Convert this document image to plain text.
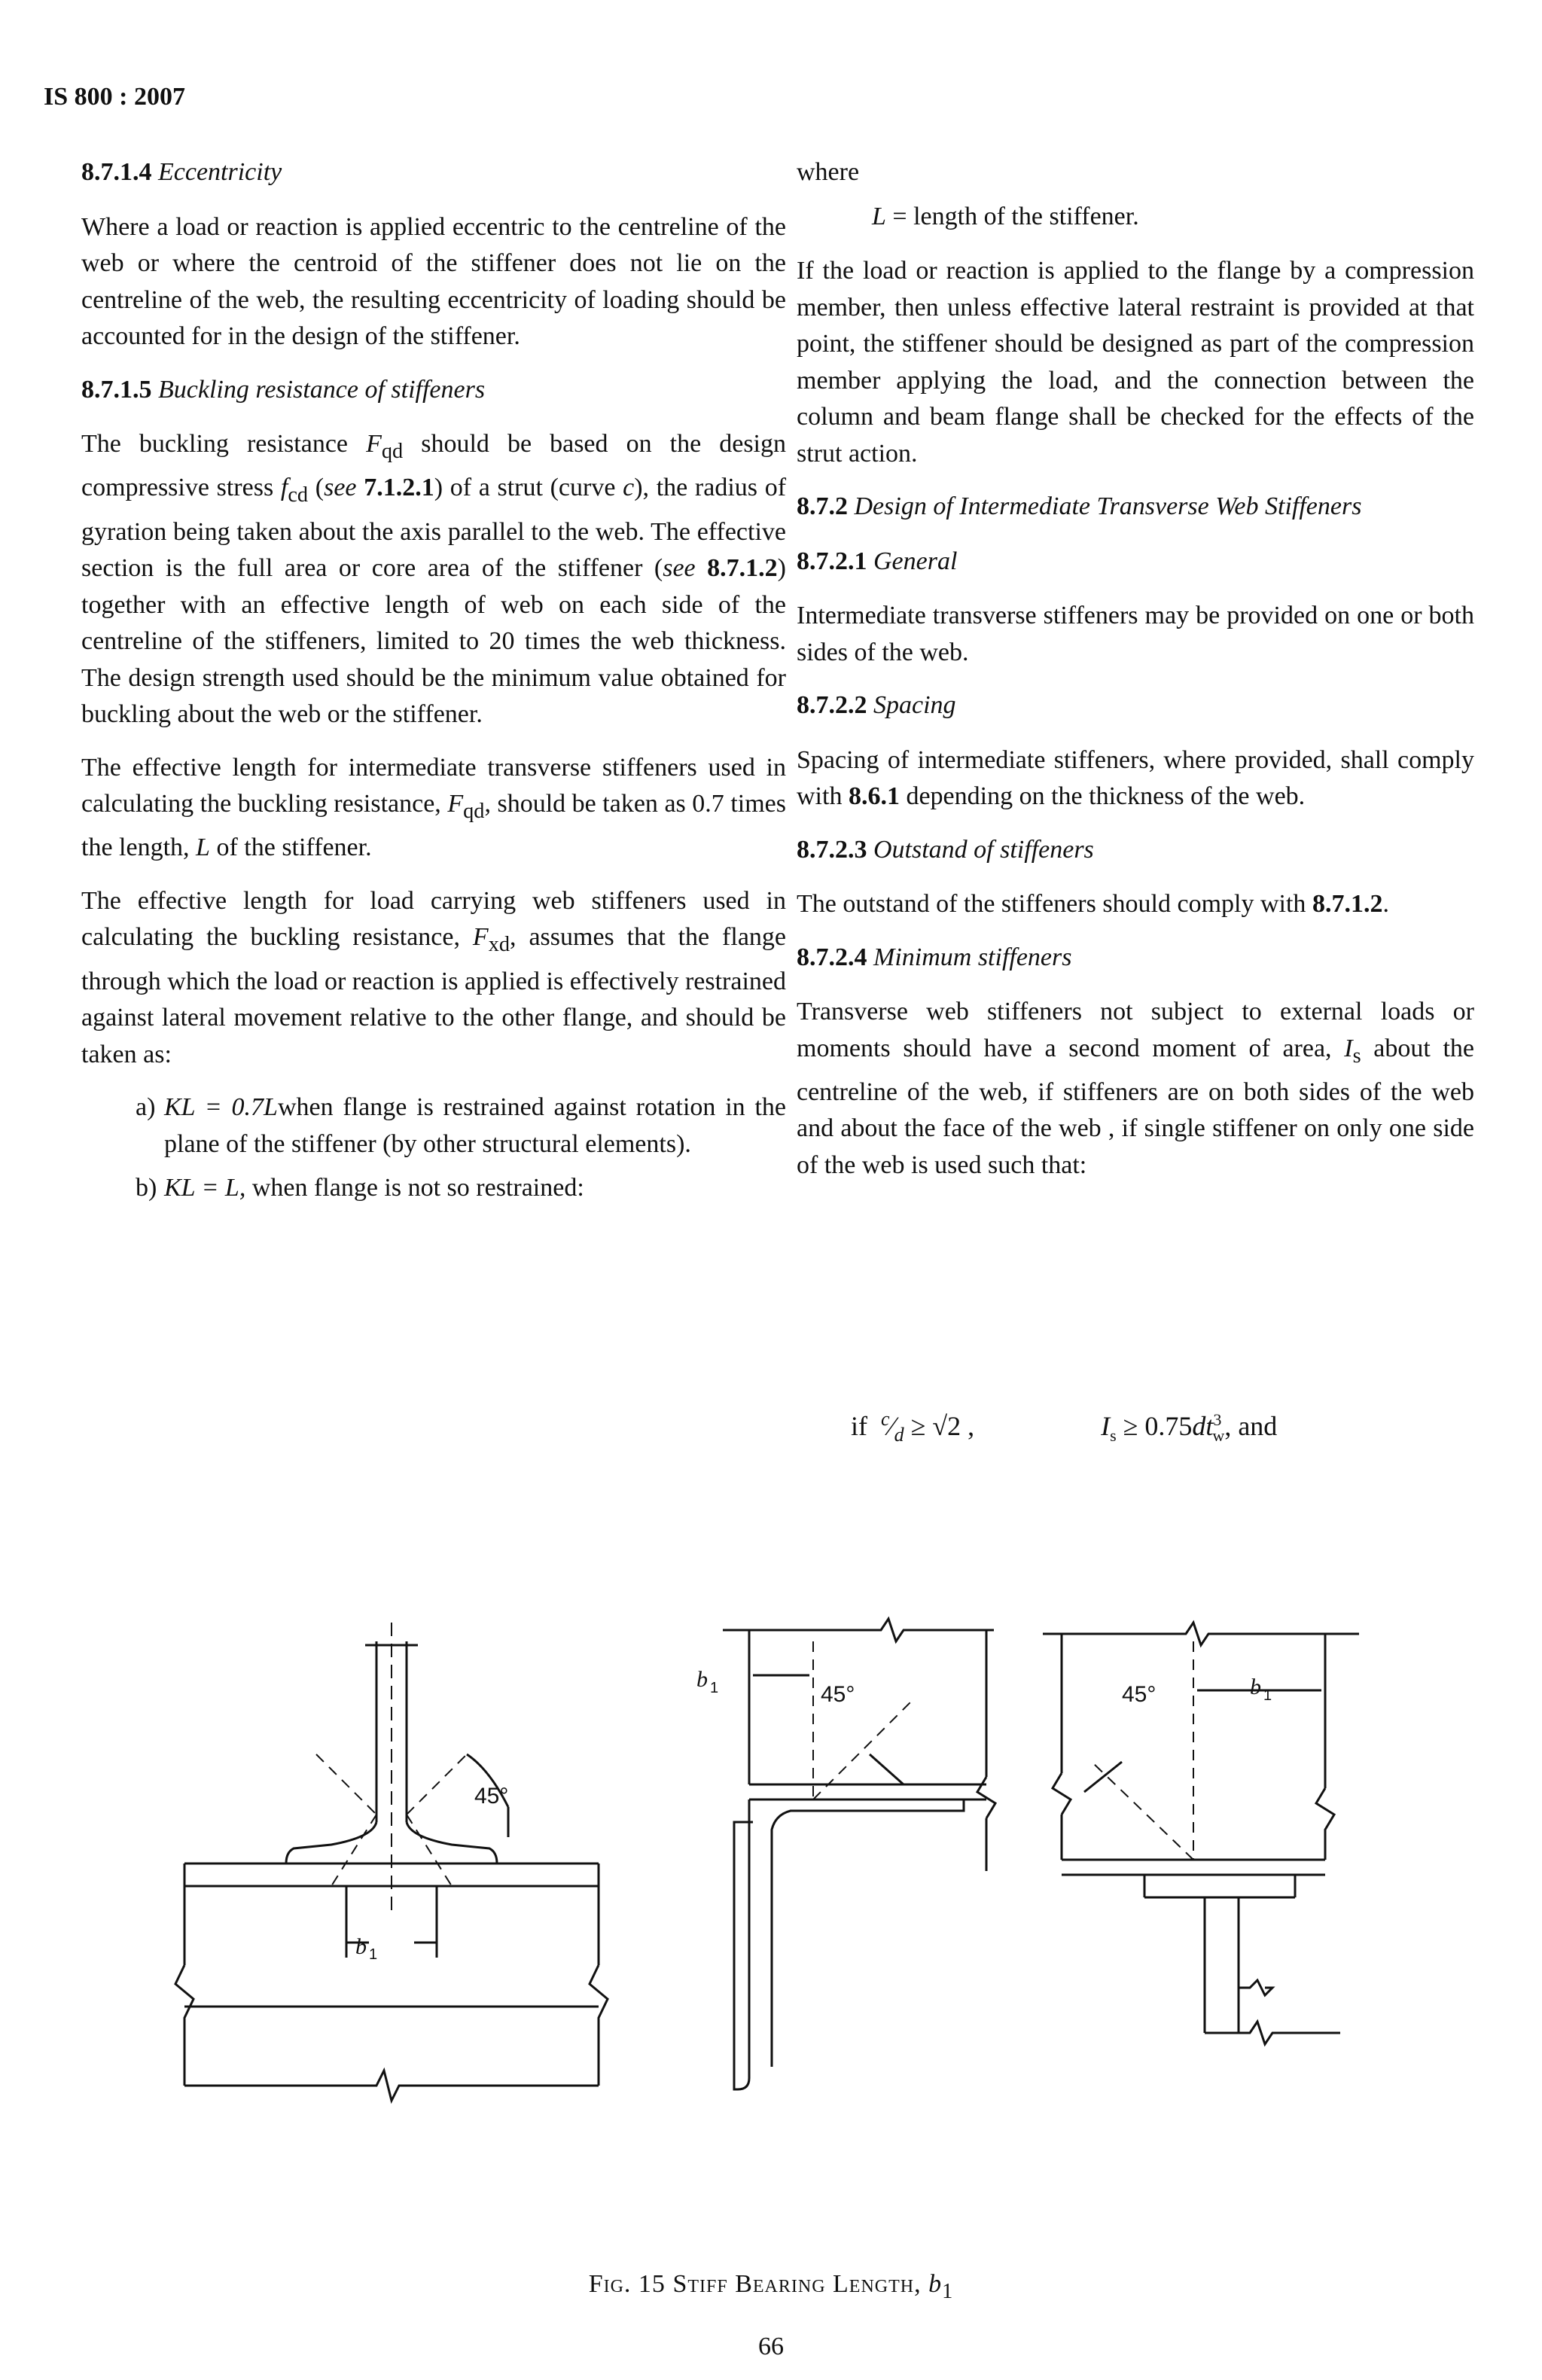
IS 800 : 2007
8.7.1.4 Eccentricity

Where a load or reaction is applied eccentric to the centreline of the web or where the centroid of the stiffener does not lie on the centreline of the web, the resulting eccentricity of loading should be accounted for in the design of the stiffener.

8.7.1.5 Buckling resistance of stiffeners

The buckling resistance $F_{qd}$ should be based on the design compressive stress $f_{cd}$ (see 7.1.2.1) of a strut (curve c), the radius of gyration being taken about the axis parallel to the web. The effective section is the full area or core area of the stiffener (see 8.7.1.2) together with an effective length of web on each side of the centreline of the stiffeners, limited to 20 times the web thickness. The design strength used should be the minimum value obtained for buckling about the web or the stiffener.

The effective length for intermediate transverse stiffeners used in calculating the buckling resistance, $F_{qd}$, should be taken as 0.7 times the length, L of the stiffener.

The effective length for load carrying web stiffeners used in calculating the buckling resistance, $F_{xd}$, assumes that the flange through which the load or reaction is applied is effectively restrained against lateral movement relative to the other flange, and should be taken as:

a) KL = 0.7Lwhen flange is restrained against rotation in the plane of the stiffener (by other structural elements).
b) KL = L, when flange is not so restrained:

where

L = length of the stiffener.

If the load or reaction is applied to the flange by a compression member, then unless effective lateral restraint is provided at that point, the stiffener should be designed as part of the compression member applying the load, and the connection between the column and beam flange shall be checked for the effects of the strut action.

8.7.2 Design of Intermediate Transverse Web Stiffeners
8.7.2.1 General

Intermediate transverse stiffeners may be provided on one or both sides of the web.

8.7.2.2 Spacing

Spacing of intermediate stiffeners, where provided, shall comply with 8.6.1 depending on the thickness of the web.

8.7.2.3 Outstand of stiffeners

The outstand of the stiffeners should comply with 8.7.1.2.

8.7.2.4 Minimum stiffeners

Transverse web stiffeners not subject to external loads or moments should have a second moment of area, $I_s$ about the centreline of the web, if stiffeners are on both sides of the web and about the face of the web , if single stiffener on only one side of the web is used such that:

if $^c⁄_d \ge √2$ ,	$I_s \ge 0.75dt^3_w$, and
b 1
45°
b 1	45°	45°	b 1
Fig. 15 Stiff Bearing Length, $b_1$
66
